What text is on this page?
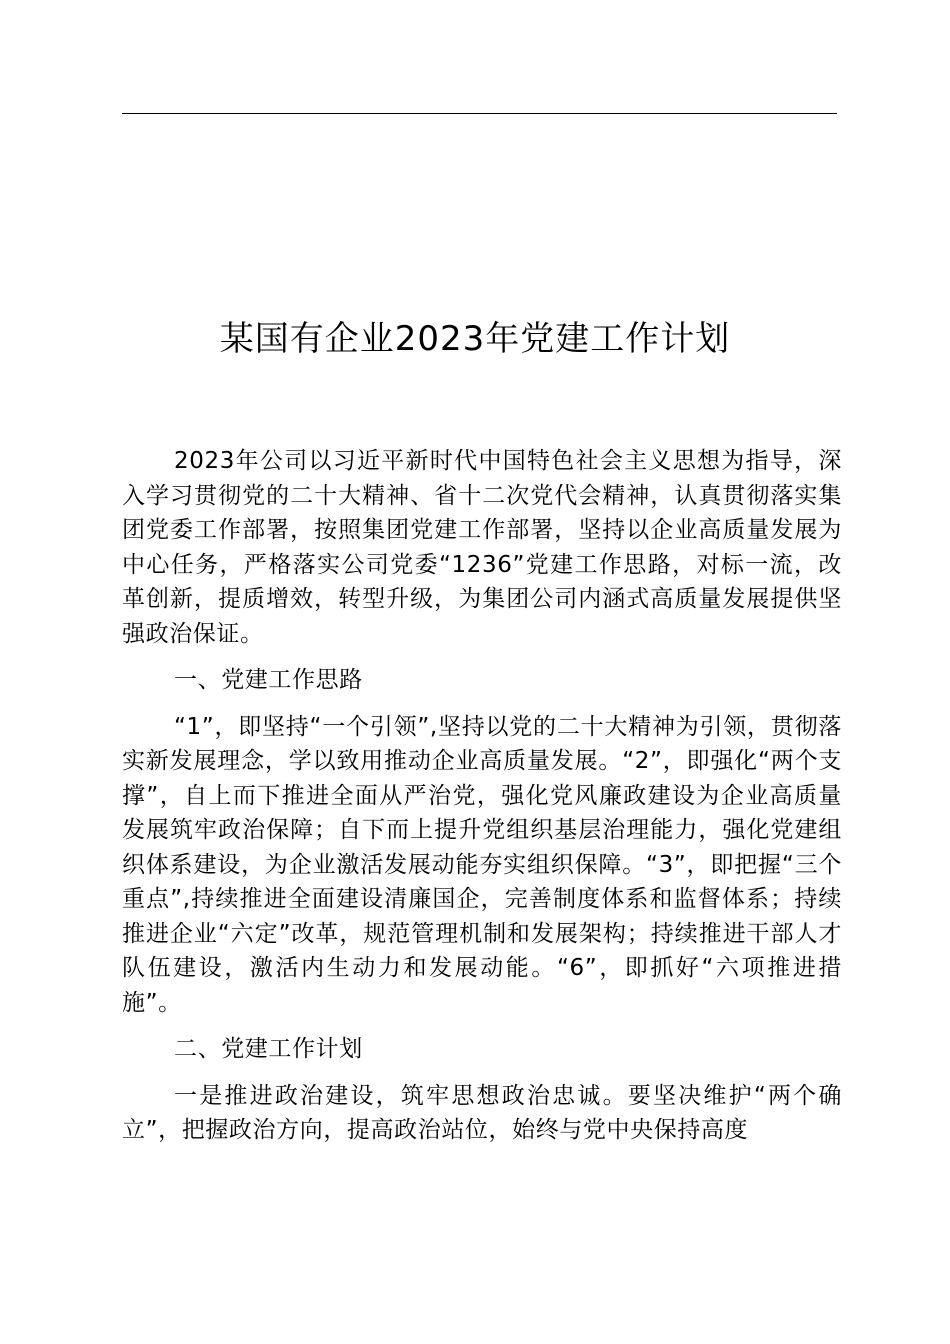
某国有企业2023年党建工作计划

2023年公司以习近平新时代中国特色社会主义思想为指导，深入学习贯彻党的二十大精神、省十二次党代会精神，认真贯彻落实集团党委工作部署，按照集团党建工作部署，坚持以企业高质量发展为中心任务，严格落实公司党委“1236”党建工作思路，对标一流，改革创新，提质增效，转型升级，为集团公司内涵式高质量发展提供坚强政治保证。

一、党建工作思路

“1”，即坚持“一个引领”,坚持以党的二十大精神为引领，贯彻落实新发展理念，学以致用推动企业高质量发展。“2”，即强化“两个支撑”，自上而下推进全面从严治党，强化党风廉政建设为企业高质量发展筑牢政治保障；自下而上提升党组织基层治理能力，强化党建组织体系建设，为企业激活发展动能夯实组织保障。“3”，即把握“三个重点”,持续推进全面建设清廉国企，完善制度体系和监督体系；持续推进企业“六定”改革，规范管理机制和发展架构；持续推进干部人才队伍建设，激活内生动力和发展动能。“6”，即抓好“六项推进措施”。

二、党建工作计划

一是推进政治建设，筑牢思想政治忠诚。要坚决维护“两个确立”，把握政治方向，提高政治站位，始终与党中央保持高度
